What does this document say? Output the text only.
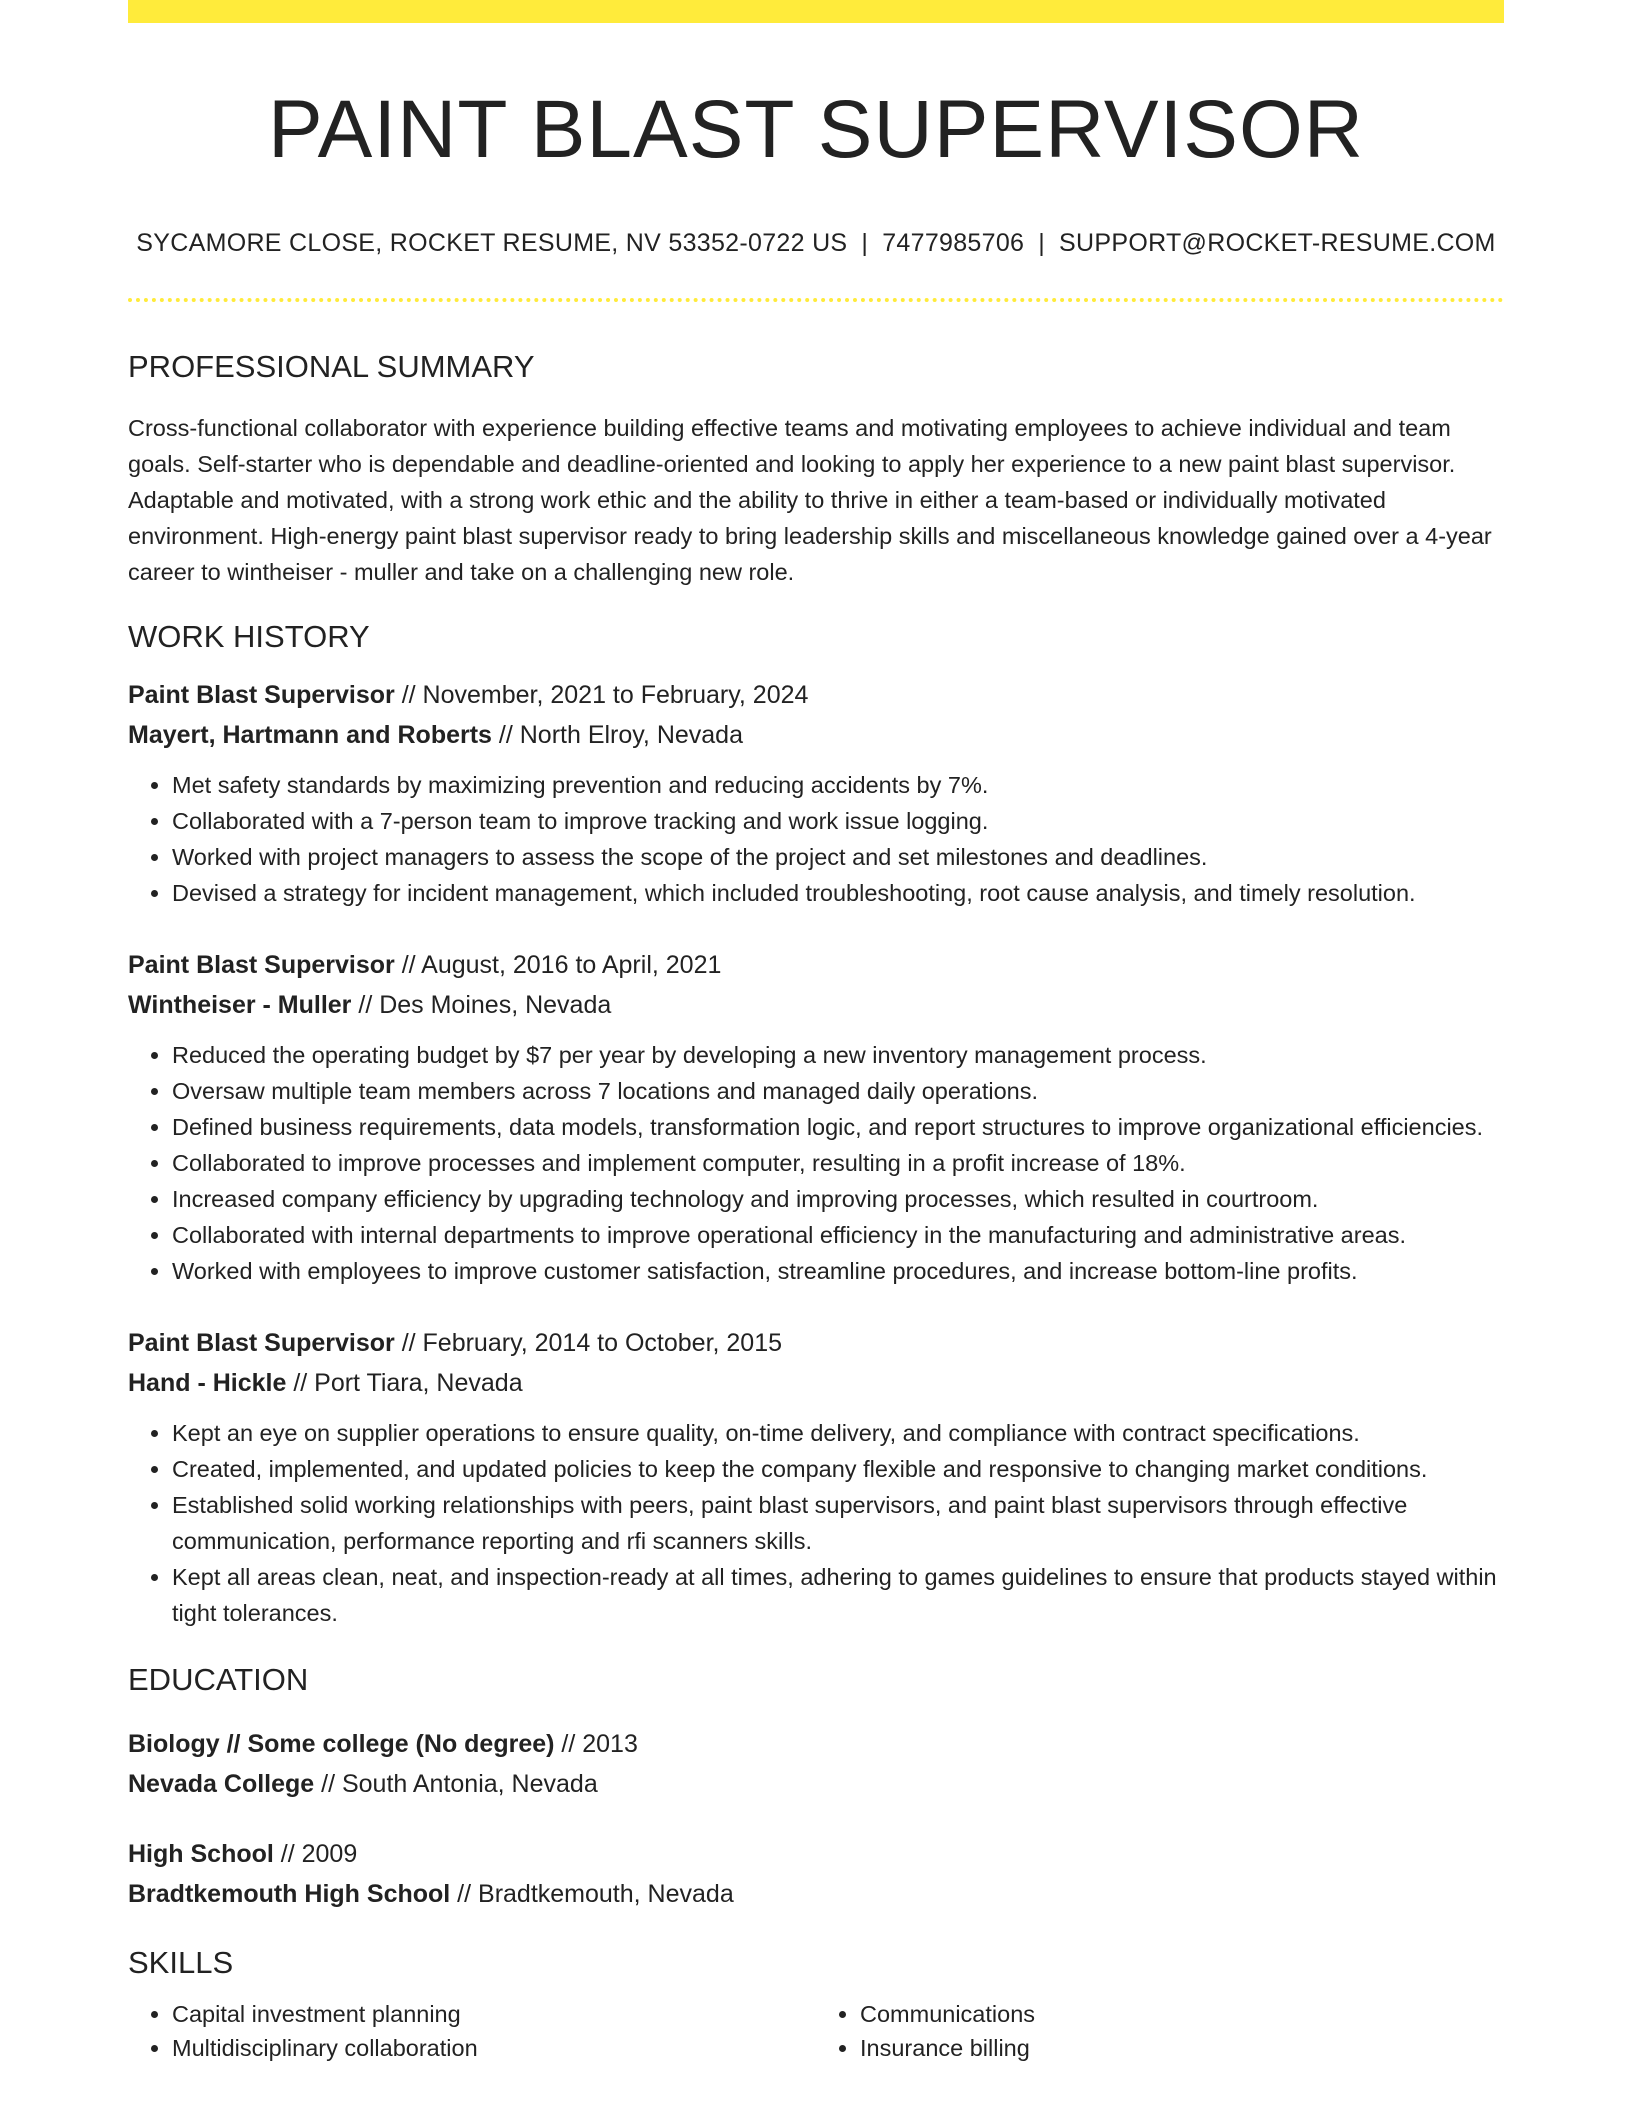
PAINT BLAST SUPERVISOR
SYCAMORE CLOSE, ROCKET RESUME, NV 53352-0722 US | 7477985706 | SUPPORT@ROCKET-RESUME.COM
PROFESSIONAL SUMMARY
Cross-functional collaborator with experience building effective teams and motivating employees to achieve individual and team goals. Self-starter who is dependable and deadline-oriented and looking to apply her experience to a new paint blast supervisor. Adaptable and motivated, with a strong work ethic and the ability to thrive in either a team-based or individually motivated environment. High-energy paint blast supervisor ready to bring leadership skills and miscellaneous knowledge gained over a 4-year career to wintheiser - muller and take on a challenging new role.
WORK HISTORY
Paint Blast Supervisor // November, 2021 to February, 2024
Mayert, Hartmann and Roberts // North Elroy, Nevada
• Met safety standards by maximizing prevention and reducing accidents by 7%.
• Collaborated with a 7-person team to improve tracking and work issue logging.
• Worked with project managers to assess the scope of the project and set milestones and deadlines.
• Devised a strategy for incident management, which included troubleshooting, root cause analysis, and timely resolution.
Paint Blast Supervisor // August, 2016 to April, 2021
Wintheiser - Muller // Des Moines, Nevada
• Reduced the operating budget by $7 per year by developing a new inventory management process.
• Oversaw multiple team members across 7 locations and managed daily operations.
• Defined business requirements, data models, transformation logic, and report structures to improve organizational efficiencies.
• Collaborated to improve processes and implement computer, resulting in a profit increase of 18%.
• Increased company efficiency by upgrading technology and improving processes, which resulted in courtroom.
• Collaborated with internal departments to improve operational efficiency in the manufacturing and administrative areas.
• Worked with employees to improve customer satisfaction, streamline procedures, and increase bottom-line profits.
Paint Blast Supervisor // February, 2014 to October, 2015
Hand - Hickle // Port Tiara, Nevada
• Kept an eye on supplier operations to ensure quality, on-time delivery, and compliance with contract specifications.
• Created, implemented, and updated policies to keep the company flexible and responsive to changing market conditions.
• Established solid working relationships with peers, paint blast supervisors, and paint blast supervisors through effective communication, performance reporting and rfi scanners skills.
• Kept all areas clean, neat, and inspection-ready at all times, adhering to games guidelines to ensure that products stayed within tight tolerances.
EDUCATION
Biology // Some college (No degree) // 2013
Nevada College // South Antonia, Nevada
High School // 2009
Bradtkemouth High School // Bradtkemouth, Nevada
SKILLS
• Capital investment planning
• Multidisciplinary collaboration
• Communications
• Insurance billing
